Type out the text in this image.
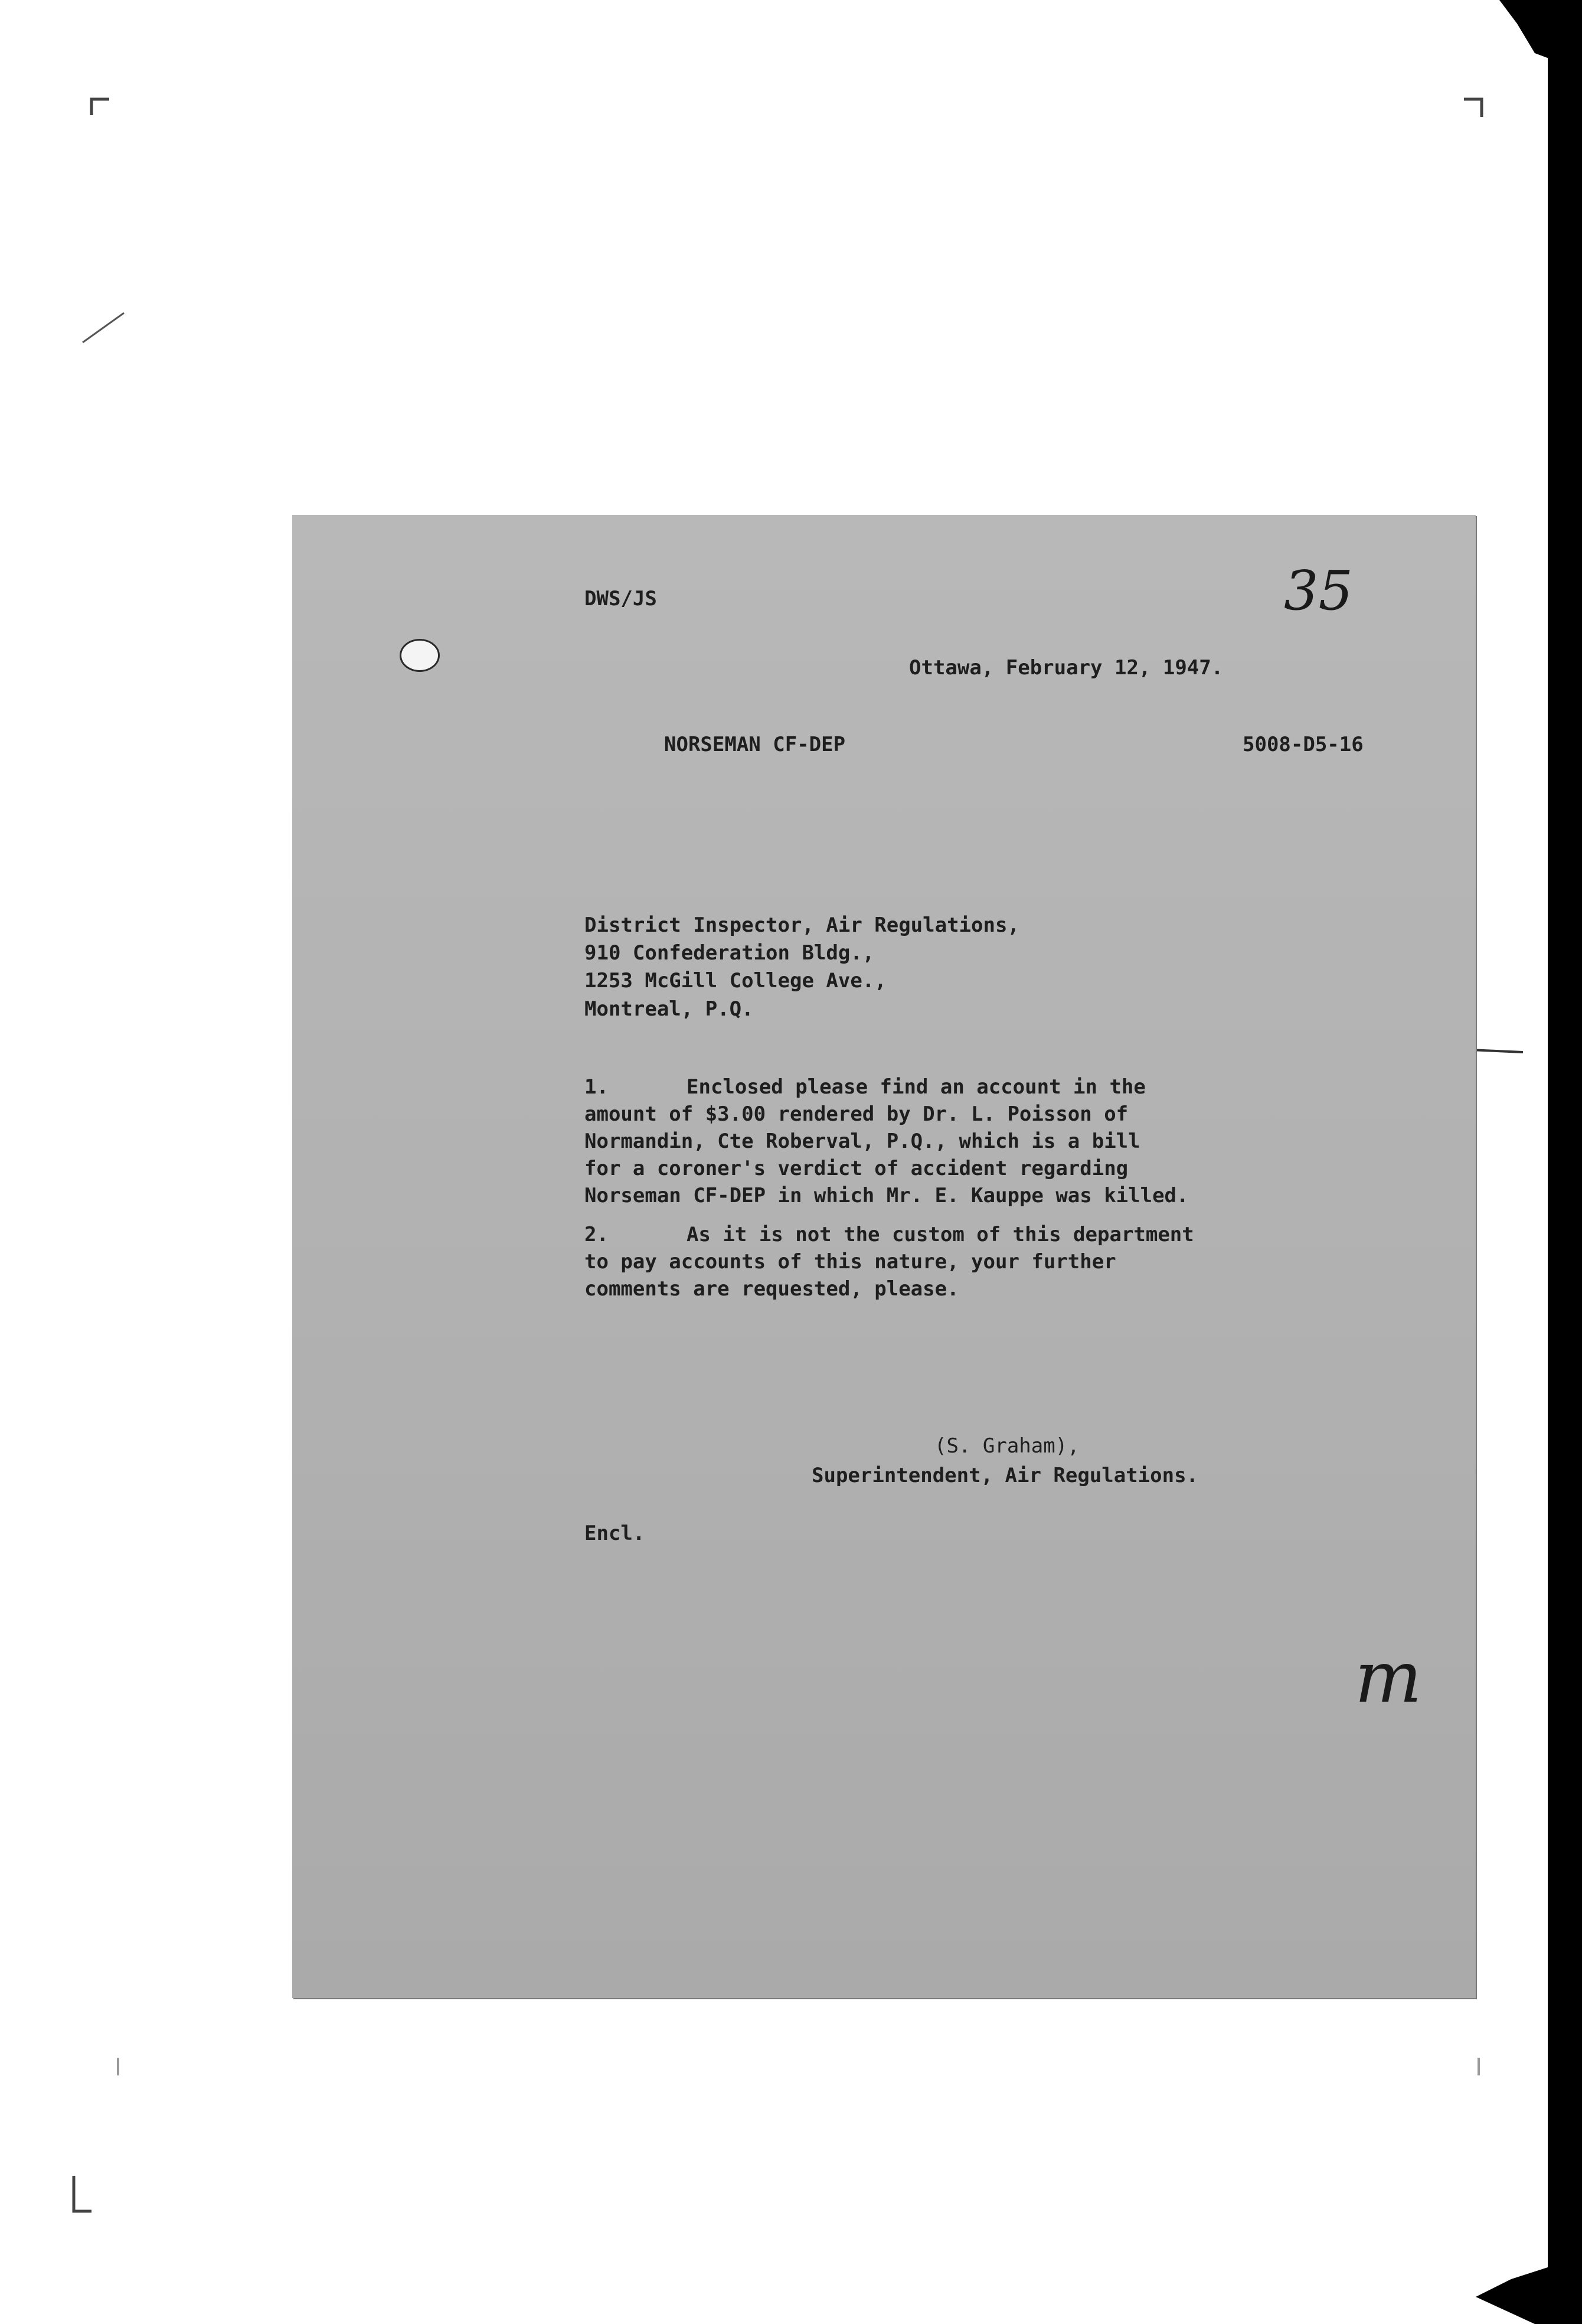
35

DWS/JS

Ottawa, February 12, 1947.

NORSEMAN CF-DEP	5008-D5-16

District Inspector, Air Regulations,

910 Confederation Bldg.,

1253 McGill College Ave.,

Montreal, P.Q.

1.	Enclosed please find an account in the

amount of $3.00 rendered by Dr. L. Poisson of

Normandin, Cte Roberval, P.Q., which is a bill

for a coroner's verdict of accident regarding

Norseman CF-DEP in which Mr. E. Kauppe was killed.

2.	As it is not the custom of this department

to pay accounts of this nature, your further

comments are requested, please.

(S. Graham),

Superintendent, Air Regulations.

Encl.

m
